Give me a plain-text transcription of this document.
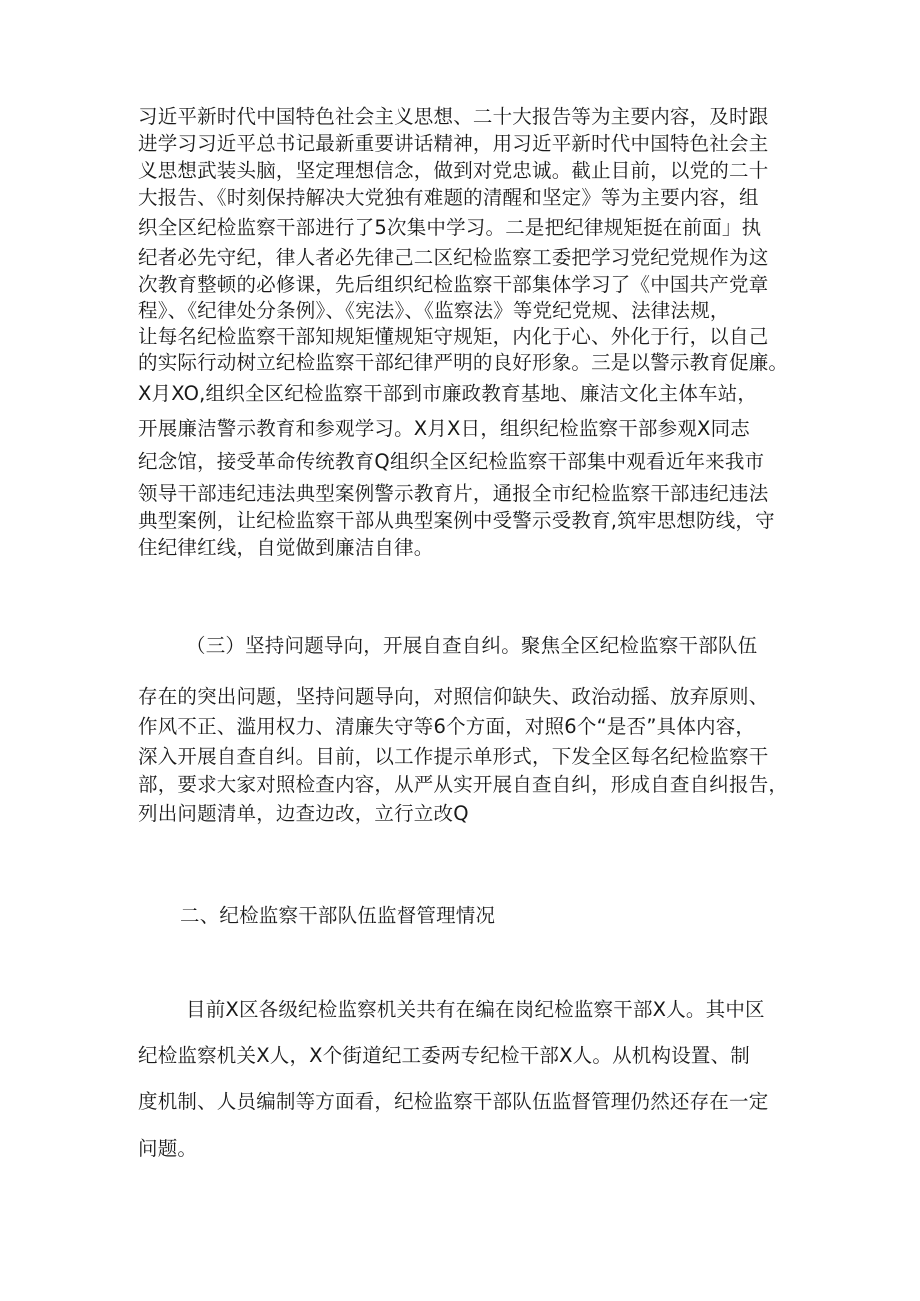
习近平新时代中国特色社会主义思想、二十大报告等为主要内容，及时跟
进学习习近平总书记最新重要讲话精神，用习近平新时代中国特色社会主
义思想武装头脑，坚定理想信念，做到对党忠诚。截止目前，以党的二十
大报告、《时刻保持解决大党独有难题的清醒和坚定》等为主要内容，组
织全区纪检监察干部进行了5次集中学习。二是把纪律规矩挺在前面」执
纪者必先守纪，律人者必先律己二区纪检监察工委把学习党纪党规作为这
次教育整顿的必修课，先后组织纪检监察干部集体学习了《中国共产党章
程》、《纪律处分条例》、《宪法》、《监察法》等党纪党规、法律法规，
让每名纪检监察干部知规矩懂规矩守规矩，内化于心、外化于行，以自己
的实际行动树立纪检监察干部纪律严明的良好形象。三是以警示教育促廉。
X月XO,组织全区纪检监察干部到市廉政教育基地、廉洁文化主体车站，
开展廉洁警示教育和参观学习。X月X日，组织纪检监察干部参观X同志
纪念馆，接受革命传统教育Q组织全区纪检监察干部集中观看近年来我市
领导干部违纪违法典型案例警示教育片，通报全市纪检监察干部违纪违法
典型案例，让纪检监察干部从典型案例中受警示受教育,筑牢思想防线，守
住纪律红线，自觉做到廉洁自律。
（三）坚持问题导向，开展自查自纠。聚焦全区纪检监察干部队伍
存在的突出问题，坚持问题导向，对照信仰缺失、政治动摇、放弃原则、
作风不正、滥用权力、清廉失守等6个方面，对照6个“是否”具体内容，
深入开展自查自纠。目前，以工作提示单形式，下发全区每名纪检监察干
部，要求大家对照检查内容，从严从实开展自查自纠，形成自查自纠报告，
列出问题清单，边查边改，立行立改Q
二、纪检监察干部队伍监督管理情况
目前X区各级纪检监察机关共有在编在岗纪检监察干部X人。其中区
纪检监察机关X人，X个街道纪工委两专纪检干部X人。从机构设置、制
度机制、人员编制等方面看，纪检监察干部队伍监督管理仍然还存在一定
问题。
